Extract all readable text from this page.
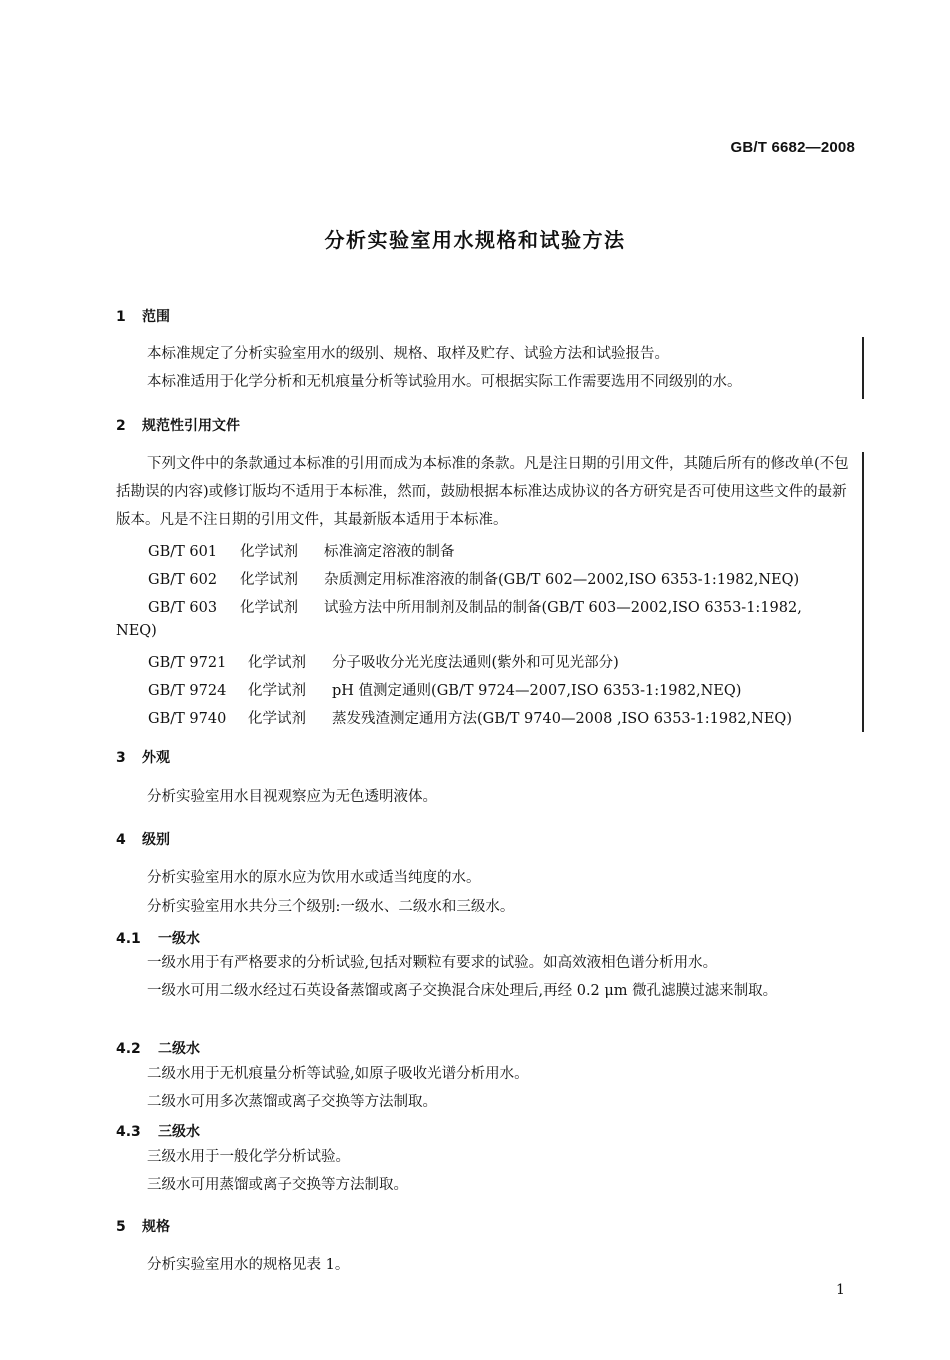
GB/T 6682—2008
分析实验室用水规格和试验方法
1 范围
本标准规定了分析实验室用水的级别、规格、取样及贮存、试验方法和试验报告。
本标准适用于化学分析和无机痕量分析等试验用水。可根据实际工作需要选用不同级别的水。
2 规范性引用文件
下列文件中的条款通过本标准的引用而成为本标准的条款。凡是注日期的引用文件，其随后所有的修改单(不包括勘误的内容)或修订版均不适用于本标准，然而，鼓励根据本标准达成协议的各方研究是否可使用这些文件的最新版本。凡是不注日期的引用文件，其最新版本适用于本标准。
GB/T 601 化学试剂 标准滴定溶液的制备
GB/T 602 化学试剂 杂质测定用标准溶液的制备(GB/T 602—2002,ISO 6353-1:1982,NEQ)
GB/T 603 化学试剂 试验方法中所用制剂及制品的制备(GB/T 603—2002,ISO 6353-1:1982,
NEQ)
GB/T 9721 化学试剂 分子吸收分光光度法通则(紫外和可见光部分)
GB/T 9724 化学试剂 pH 值测定通则(GB/T 9724—2007,ISO 6353-1:1982,NEQ)
GB/T 9740 化学试剂 蒸发残渣测定通用方法(GB/T 9740—2008 ,ISO 6353-1:1982,NEQ)
3 外观
分析实验室用水目视观察应为无色透明液体。
4 级别
分析实验室用水的原水应为饮用水或适当纯度的水。
分析实验室用水共分三个级别:一级水、二级水和三级水。
4.1 一级水
一级水用于有严格要求的分析试验,包括对颗粒有要求的试验。如高效液相色谱分析用水。
一级水可用二级水经过石英设备蒸馏或离子交换混合床处理后,再经 0.2 μm 微孔滤膜过滤来制取。
4.2 二级水
二级水用于无机痕量分析等试验,如原子吸收光谱分析用水。
二级水可用多次蒸馏或离子交换等方法制取。
4.3 三级水
三级水用于一般化学分析试验。
三级水可用蒸馏或离子交换等方法制取。
5 规格
分析实验室用水的规格见表 1。
1
